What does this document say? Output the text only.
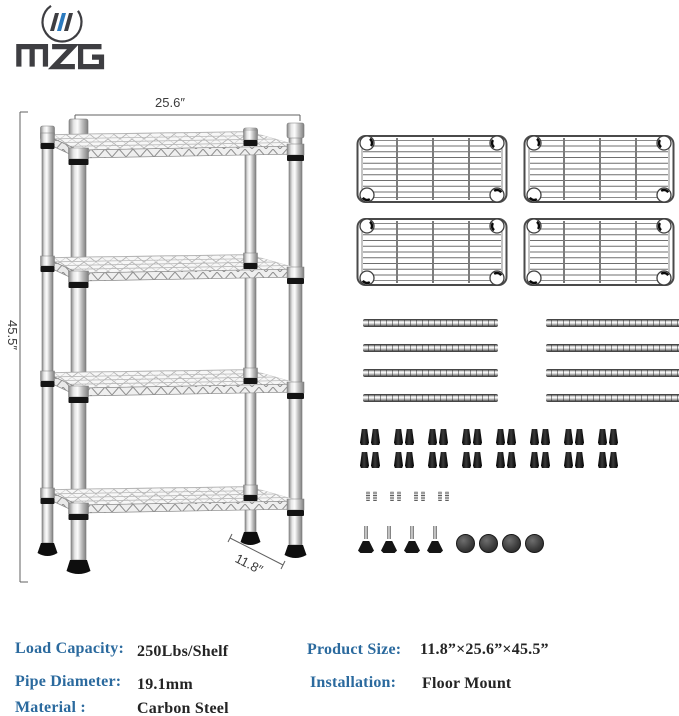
25.6″
45.5″
11.8″
Load Capacity: 250Lbs/Shelf
Pipe Diameter: 19.1mm
Material :	Carbon Steel
Product Size: 11.8”×25.6”×45.5”
Installation: Floor Mount
